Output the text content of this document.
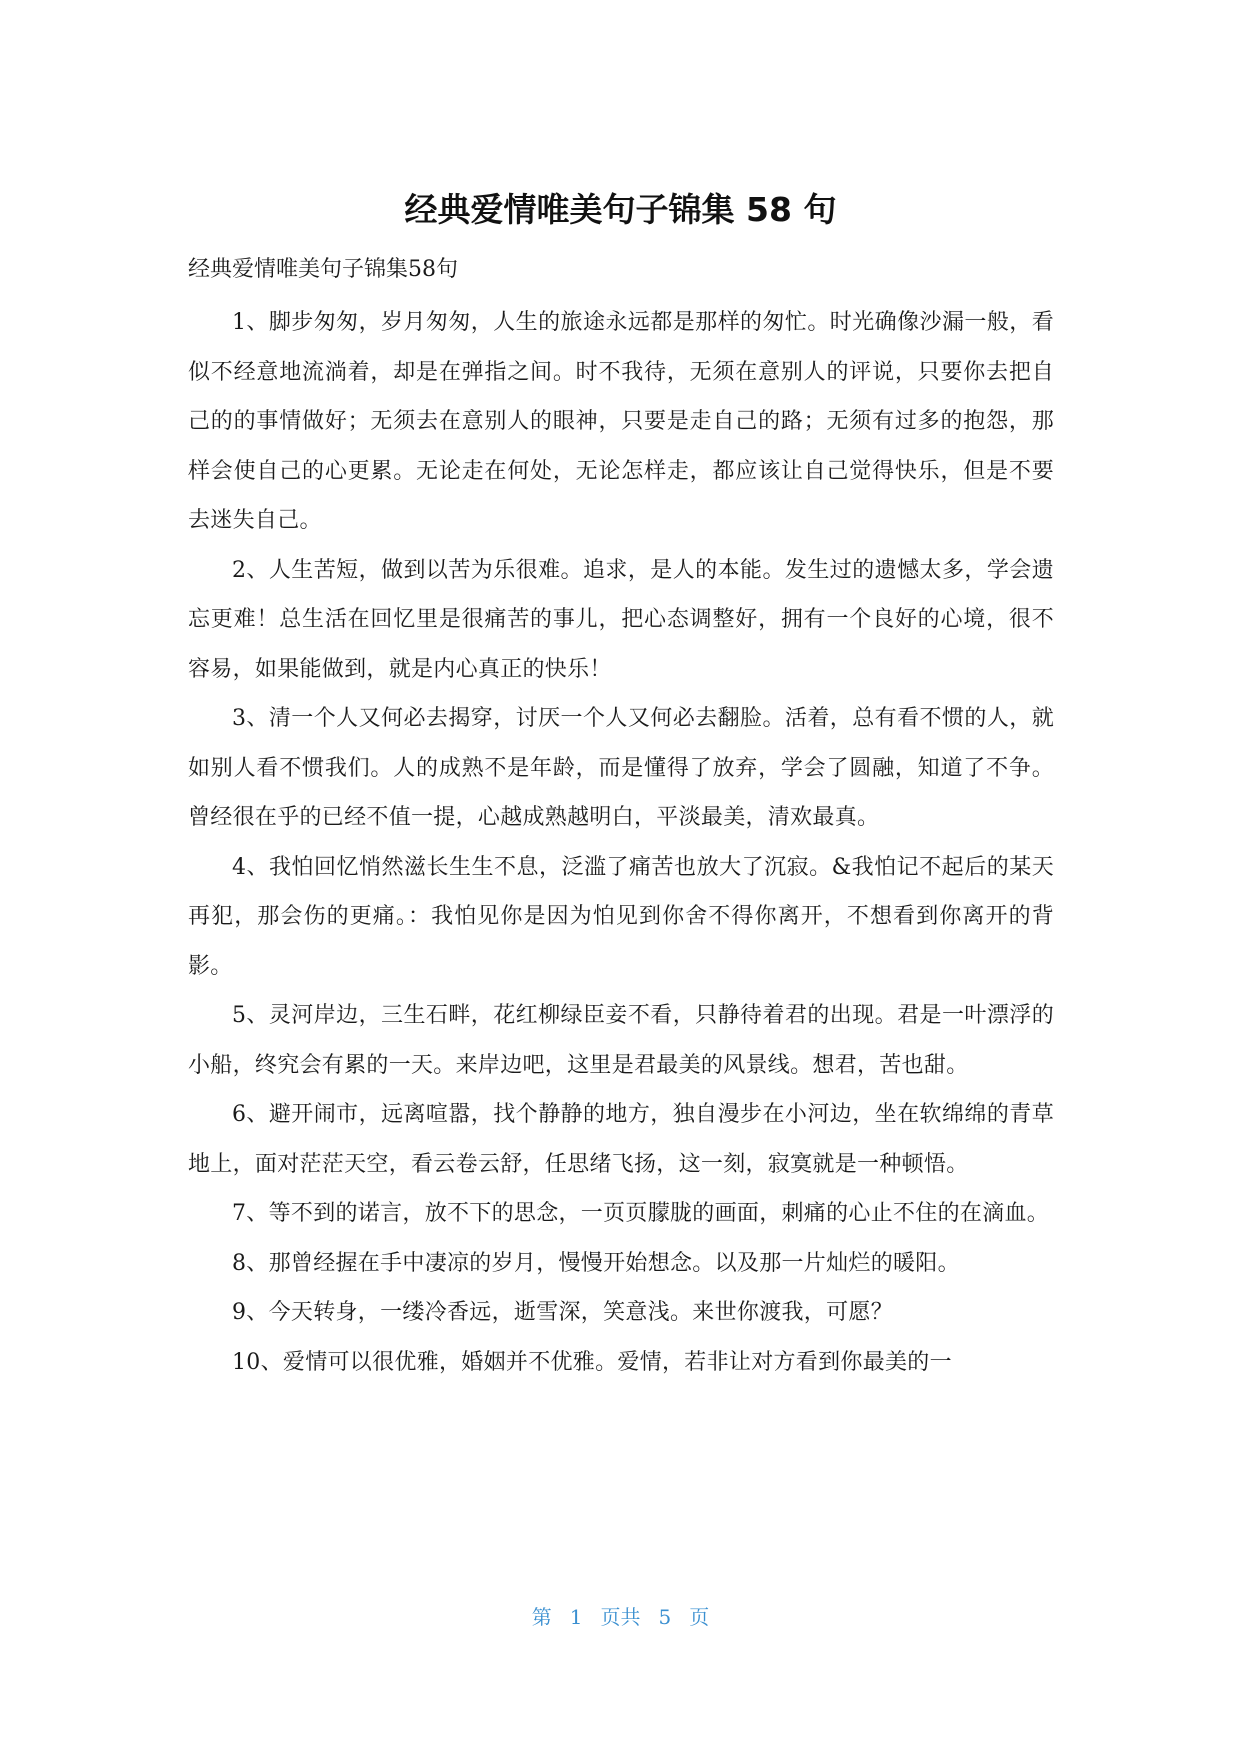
经典爱情唯美句子锦集 58 句
经典爱情唯美句子锦集58句

1、脚步匆匆，岁月匆匆，人生的旅途永远都是那样的匆忙。时光确像沙漏一般，看似不经意地流淌着，却是在弹指之间。时不我待，无须在意别人的评说，只要你去把自己的的事情做好；无须去在意别人的眼神，只要是走自己的路；无须有过多的抱怨，那样会使自己的心更累。无论走在何处，无论怎样走，都应该让自己觉得快乐，但是不要去迷失自己。

2、人生苦短，做到以苦为乐很难。追求，是人的本能。发生过的遗憾太多，学会遗忘更难！总生活在回忆里是很痛苦的事儿，把心态调整好，拥有一个良好的心境，很不容易，如果能做到，就是内心真正的快乐！

3、清一个人又何必去揭穿，讨厌一个人又何必去翻脸。活着，总有看不惯的人，就如别人看不惯我们。人的成熟不是年龄，而是懂得了放弃，学会了圆融，知道了不争。曾经很在乎的已经不值一提，心越成熟越明白，平淡最美，清欢最真。

4、我怕回忆悄然滋长生生不息，泛滥了痛苦也放大了沉寂。&我怕记不起后的某天再犯，那会伤的更痛。：我怕见你是因为怕见到你舍不得你离开，不想看到你离开的背影。

5、灵河岸边，三生石畔，花红柳绿臣妾不看，只静待着君的出现。君是一叶漂浮的小船，终究会有累的一天。来岸边吧，这里是君最美的风景线。想君，苦也甜。

6、避开闹市，远离喧嚣，找个静静的地方，独自漫步在小河边，坐在软绵绵的青草地上，面对茫茫天空，看云卷云舒，任思绪飞扬，这一刻，寂寞就是一种顿悟。

7、等不到的诺言，放不下的思念，一页页朦胧的画面，刺痛的心止不住的在滴血。

8、那曾经握在手中凄凉的岁月，慢慢开始想念。以及那一片灿烂的暖阳。

9、今天转身，一缕冷香远，逝雪深，笑意浅。来世你渡我，可愿？

10、爱情可以很优雅，婚姻并不优雅。爱情，若非让对方看到你最美的一

第 1 页共 5 页
